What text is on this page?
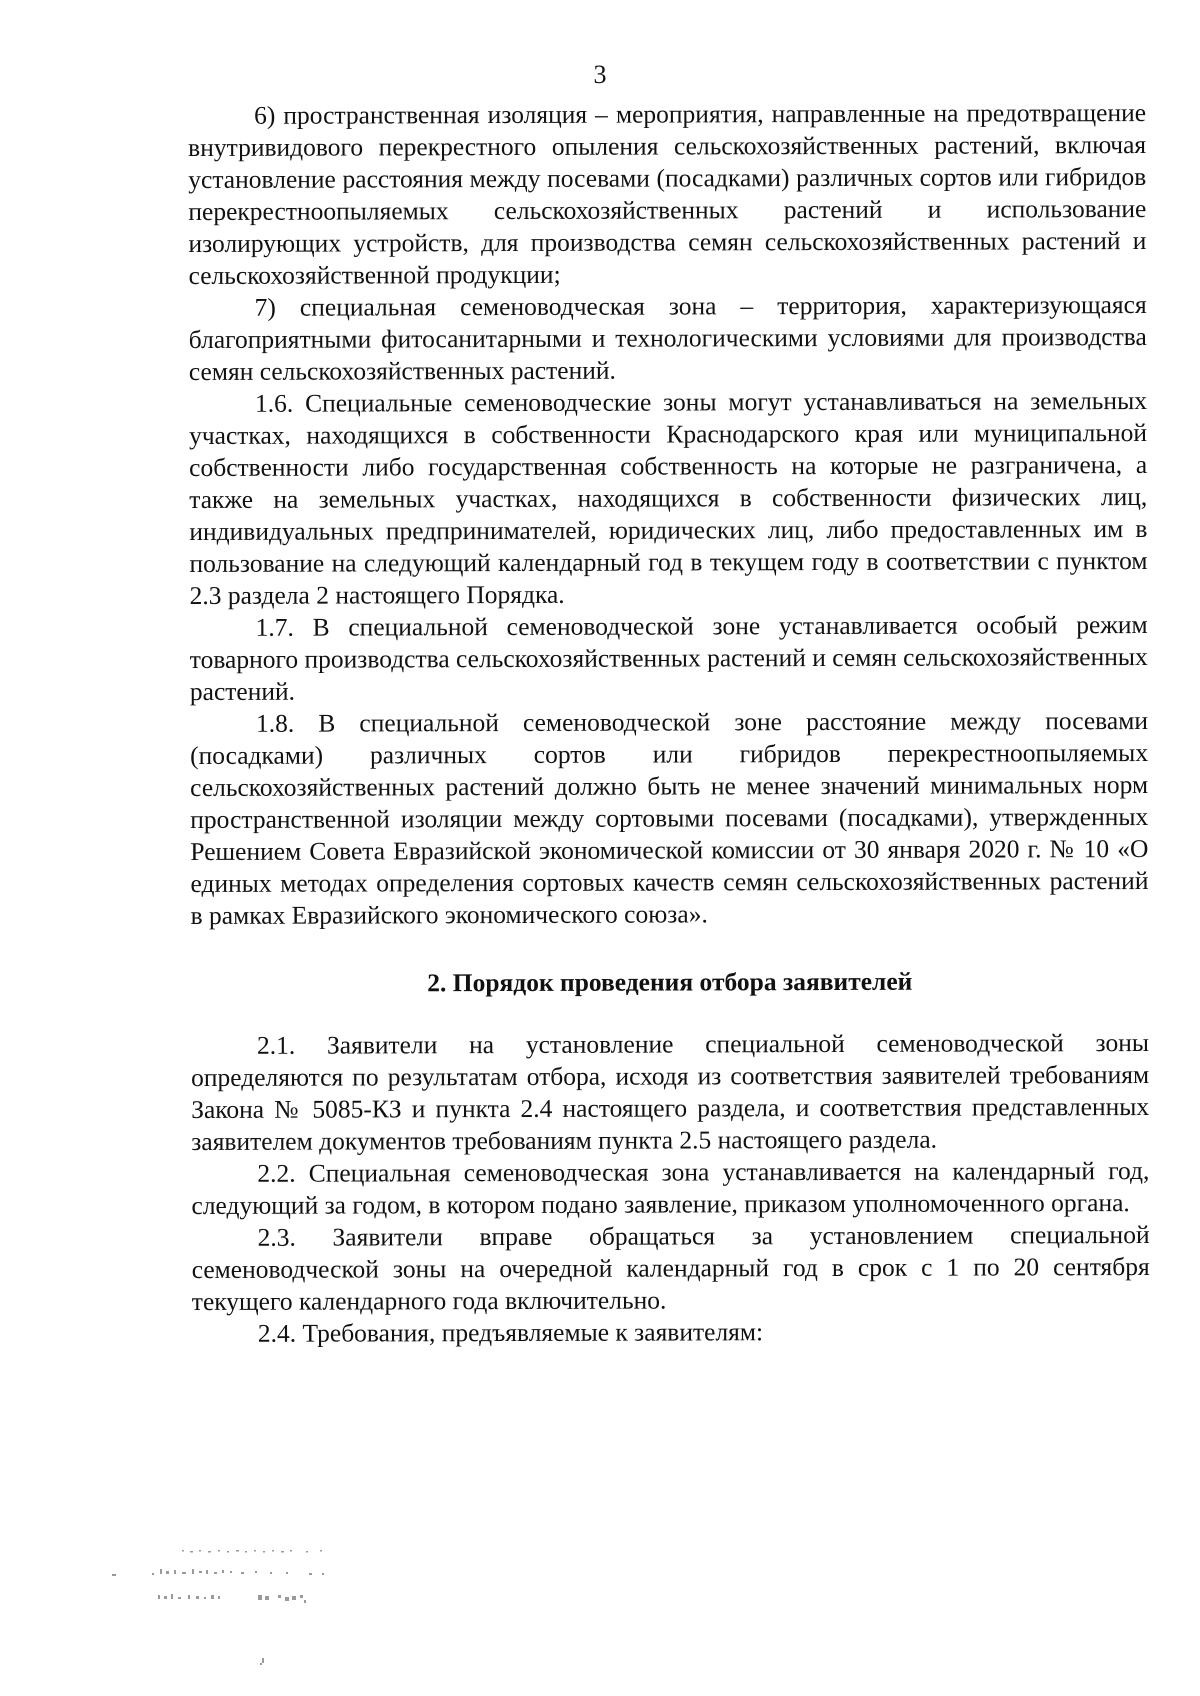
3

6) пространственная изоляция – мероприятия, направленные на предотвращение внутривидового перекрестного опыления сельскохозяйственных растений, включая установление расстояния между посевами (посадками) различных сортов или гибридов перекрестноопыляемых сельскохозяйственных растений и использование изолирующих устройств, для производства семян сельскохозяйственных растений и сельскохозяйственной продукции;

7) специальная семеноводческая зона – территория, характеризующаяся благоприятными фитосанитарными и технологическими условиями для производства семян сельскохозяйственных растений.

1.6. Специальные семеноводческие зоны могут устанавливаться на земельных участках, находящихся в собственности Краснодарского края или муниципальной собственности либо государственная собственность на которые не разграничена, а также на земельных участках, находящихся в собственности физических лиц, индивидуальных предпринимателей, юридических лиц, либо предоставленных им в пользование на следующий календарный год в текущем году в соответствии с пунктом 2.3 раздела 2 настоящего Порядка.

1.7. В специальной семеноводческой зоне устанавливается особый режим товарного производства сельскохозяйственных растений и семян сельскохозяйственных растений.

1.8. В специальной семеноводческой зоне расстояние между посевами (посадками) различных сортов или гибридов перекрестноопыляемых сельскохозяйственных растений должно быть не менее значений минимальных норм пространственной изоляции между сортовыми посевами (посадками), утвержденных Решением Совета Евразийской экономической комиссии от 30 января 2020 г. № 10 «О единых методах определения сортовых качеств семян сельскохозяйственных растений в рамках Евразийского экономического союза».

2. Порядок проведения отбора заявителей

2.1. Заявители на установление специальной семеноводческой зоны определяются по результатам отбора, исходя из соответствия заявителей требованиям Закона № 5085-КЗ и пункта 2.4 настоящего раздела, и соответствия представленных заявителем документов требованиям пункта 2.5 настоящего раздела.

2.2. Специальная семеноводческая зона устанавливается на календарный год, следующий за годом, в котором подано заявление, приказом уполномоченного органа.

2.3. Заявители вправе обращаться за установлением специальной семеноводческой зоны на очередной календарный год в срок с 1 по 20 сентября текущего календарного года включительно.

2.4. Требования, предъявляемые к заявителям:
